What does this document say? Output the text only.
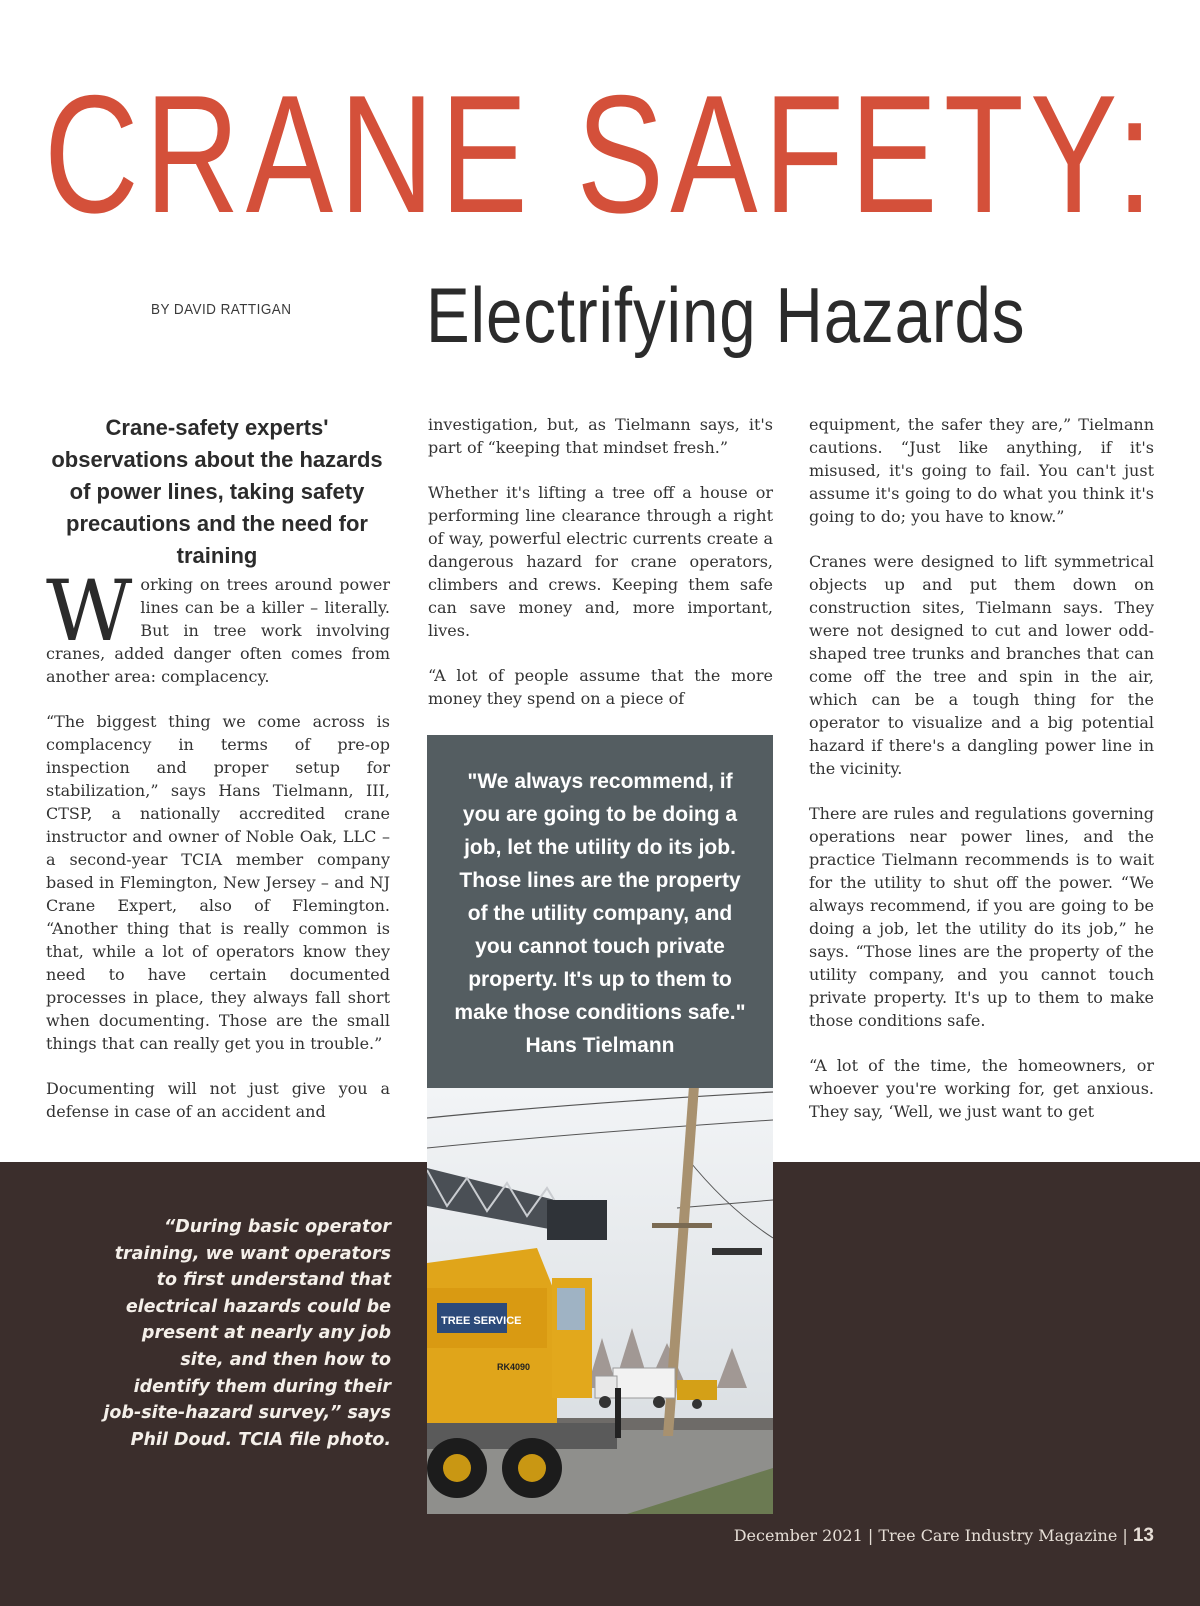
CRANE SAFETY:
BY DAVID RATTIGAN Electrifying Hazards
Crane-safety experts' observations about the hazards of power lines, taking safety precautions and the need for training

Working on trees around power lines can be a killer – literally. But in tree work involving cranes, added danger often comes from another area: complacency.

“The biggest thing we come across is complacency in terms of pre-op inspection and proper setup for stabilization,” says Hans Tielmann, III, CTSP, a nationally accredited crane instructor and owner of Noble Oak, LLC – a second-year TCIA member company based in Flemington, New Jersey – and NJ Crane Expert, also of Flemington. “Another thing that is really common is that, while a lot of operators know they need to have certain documented processes in place, they always fall short when documenting. Those are the small things that can really get you in trouble.”

Documenting will not just give you a defense in case of an accident and

investigation, but, as Tielmann says, it's part of “keeping that mindset fresh.”

Whether it's lifting a tree off a house or performing line clearance through a right of way, powerful electric currents create a dangerous hazard for crane operators, climbers and crews. Keeping them safe can save money and, more important, lives.

“A lot of people assume that the more money they spend on a piece of

equipment, the safer they are,” Tielmann cautions. “Just like anything, if it's misused, it's going to fail. You can't just assume it's going to do what you think it's going to do; you have to know.”

Cranes were designed to lift symmetrical objects up and put them down on construction sites, Tielmann says. They were not designed to cut and lower odd-shaped tree trunks and branches that can come off the tree and spin in the air, which can be a tough thing for the operator to visualize and a big potential hazard if there's a dangling power line in the vicinity.

There are rules and regulations governing operations near power lines, and the practice Tielmann recommends is to wait for the utility to shut off the power. “We always recommend, if you are going to be doing a job, let the utility do its job,” he says. “Those lines are the property of the utility company, and you cannot touch private property. It's up to them to make those conditions safe.

“A lot of the time, the homeowners, or whoever you're working for, get anxious. They say, ‘Well, we just want to get

"We always recommend, if you are going to be doing a job, let the utility do its job. Those lines are the property of the utility company, and you cannot touch private property. It's up to them to make those conditions safe."
Hans Tielmann
TREE SERVICE
RK4090
“During basic operator training, we want operators to first understand that electrical hazards could be present at nearly any job site, and then how to identify them during their job-site-hazard survey,” says Phil Doud. TCIA file photo.
December 2021 | Tree Care Industry Magazine | 13
